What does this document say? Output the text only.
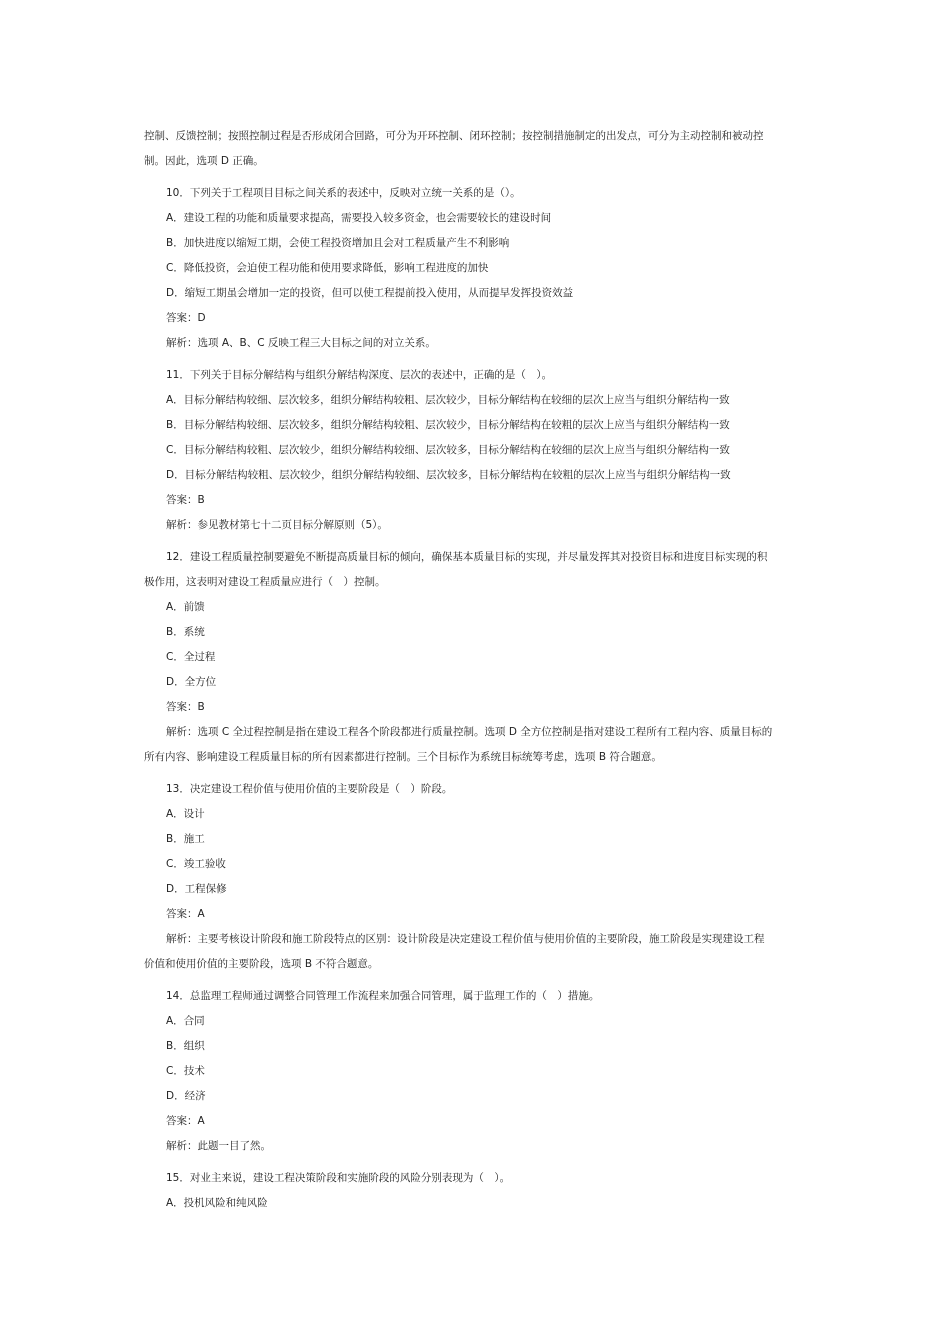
控制、反馈控制；按照控制过程是否形成闭合回路，可分为开环控制、闭环控制；按控制措施制定的出发点，可分为主动控制和被动控
制。因此，选项 D 正确。
10．下列关于工程项目目标之间关系的表述中，反映对立统一关系的是（）。
A．建设工程的功能和质量要求提高，需要投入较多资金，也会需要较长的建设时间
B．加快进度以缩短工期，会使工程投资增加且会对工程质量产生不利影响
C．降低投资，会迫使工程功能和使用要求降低，影响工程进度的加快
D．缩短工期虽会增加一定的投资，但可以使工程提前投入使用，从而提早发挥投资效益
答案：D
解析：选项 A、B、C 反映工程三大目标之间的对立关系。
11．下列关于目标分解结构与组织分解结构深度、层次的表述中，正确的是（　）。
A．目标分解结构较细、层次较多，组织分解结构较粗、层次较少，目标分解结构在较细的层次上应当与组织分解结构一致
B．目标分解结构较细、层次较多，组织分解结构较粗、层次较少，目标分解结构在较粗的层次上应当与组织分解结构一致
C．目标分解结构较粗、层次较少，组织分解结构较细、层次较多，目标分解结构在较细的层次上应当与组织分解结构一致
D．目标分解结构较粗、层次较少，组织分解结构较细、层次较多，目标分解结构在较粗的层次上应当与组织分解结构一致
答案：B
解析：参见教材第七十二页目标分解原则（5）。
12．建设工程质量控制要避免不断提高质量目标的倾向，确保基本质量目标的实现，并尽量发挥其对投资目标和进度目标实现的积
极作用，这表明对建设工程质量应进行（　）控制。
A．前馈
B．系统
C．全过程
D．全方位
答案：B
解析：选项 C 全过程控制是指在建设工程各个阶段都进行质量控制。选项 D 全方位控制是指对建设工程所有工程内容、质量目标的
所有内容、影响建设工程质量目标的所有因素都进行控制。三个目标作为系统目标统筹考虑，选项 B 符合题意。
13．决定建设工程价值与使用价值的主要阶段是（　）阶段。
A．设计
B．施工
C．竣工验收
D．工程保修
答案：A
解析：主要考核设计阶段和施工阶段特点的区别：设计阶段是决定建设工程价值与使用价值的主要阶段，施工阶段是实现建设工程
价值和使用价值的主要阶段，选项 B 不符合题意。
14．总监理工程师通过调整合同管理工作流程来加强合同管理，属于监理工作的（　）措施。
A．合同
B．组织
C．技术
D．经济
答案：A
解析：此题一目了然。
15．对业主来说，建设工程决策阶段和实施阶段的风险分别表现为（　）。
A．投机风险和纯风险
